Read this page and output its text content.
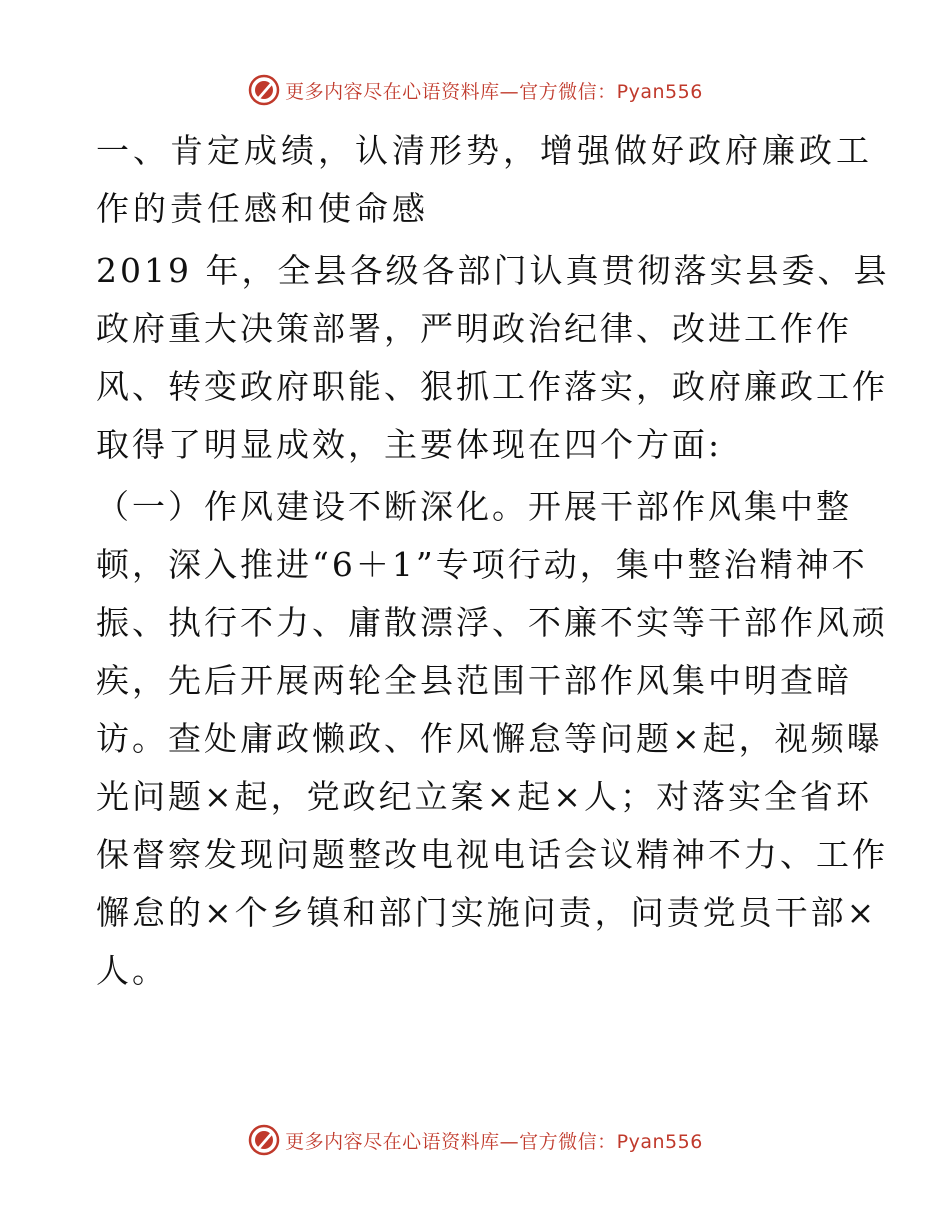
更多内容尽在心语资料库—官方微信：Pyan556
一、肯定成绩，认清形势，增强做好政府廉政工
作的责任感和使命感

2019 年，全县各级各部门认真贯彻落实县委、县
政府重大决策部署，严明政治纪律、改进工作作
风、转变政府职能、狠抓工作落实，政府廉政工作
取得了明显成效，主要体现在四个方面:

（一）作风建设不断深化。开展干部作风集中整
顿，深入推进“6＋1”专项行动，集中整治精神不
振、执行不力、庸散漂浮、不廉不实等干部作风顽
疾，先后开展两轮全县范围干部作风集中明查暗
访。查处庸政懒政、作风懈怠等问题×起，视频曝
光问题×起，党政纪立案×起×人；对落实全省环
保督察发现问题整改电视电话会议精神不力、工作
懈怠的×个乡镇和部门实施问责，问责党员干部×
人。

更多内容尽在心语资料库—官方微信：Pyan556
